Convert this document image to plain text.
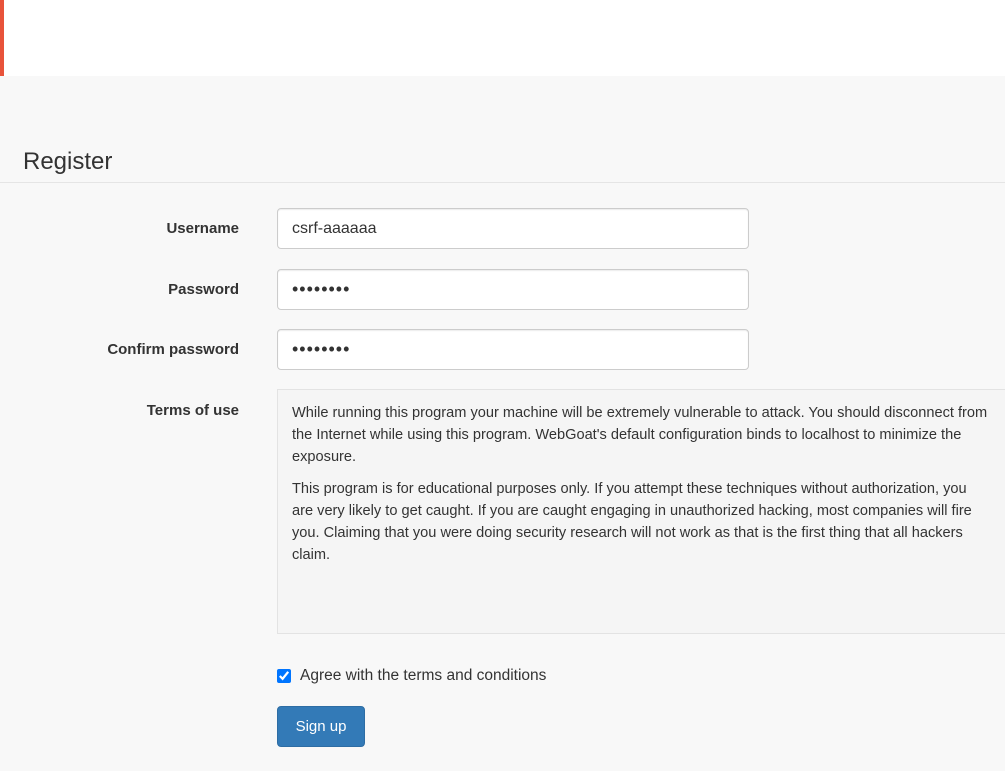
Register
Username
csrf-aaaaaa
Password
••••••••
Confirm password
••••••••
Terms of use	While running this program your machine will be extremely vulnerable to attack. You should disconnect from the Internet while using this program. WebGoat's default configuration binds to localhost to minimize the exposure.

This program is for educational purposes only. If you attempt these techniques without authorization, you are very likely to get caught. If you are caught engaging in unauthorized hacking, most companies will fire you. Claiming that you were doing security research will not work as that is the first thing that all hackers claim.

Agree with the terms and conditions
Sign up
